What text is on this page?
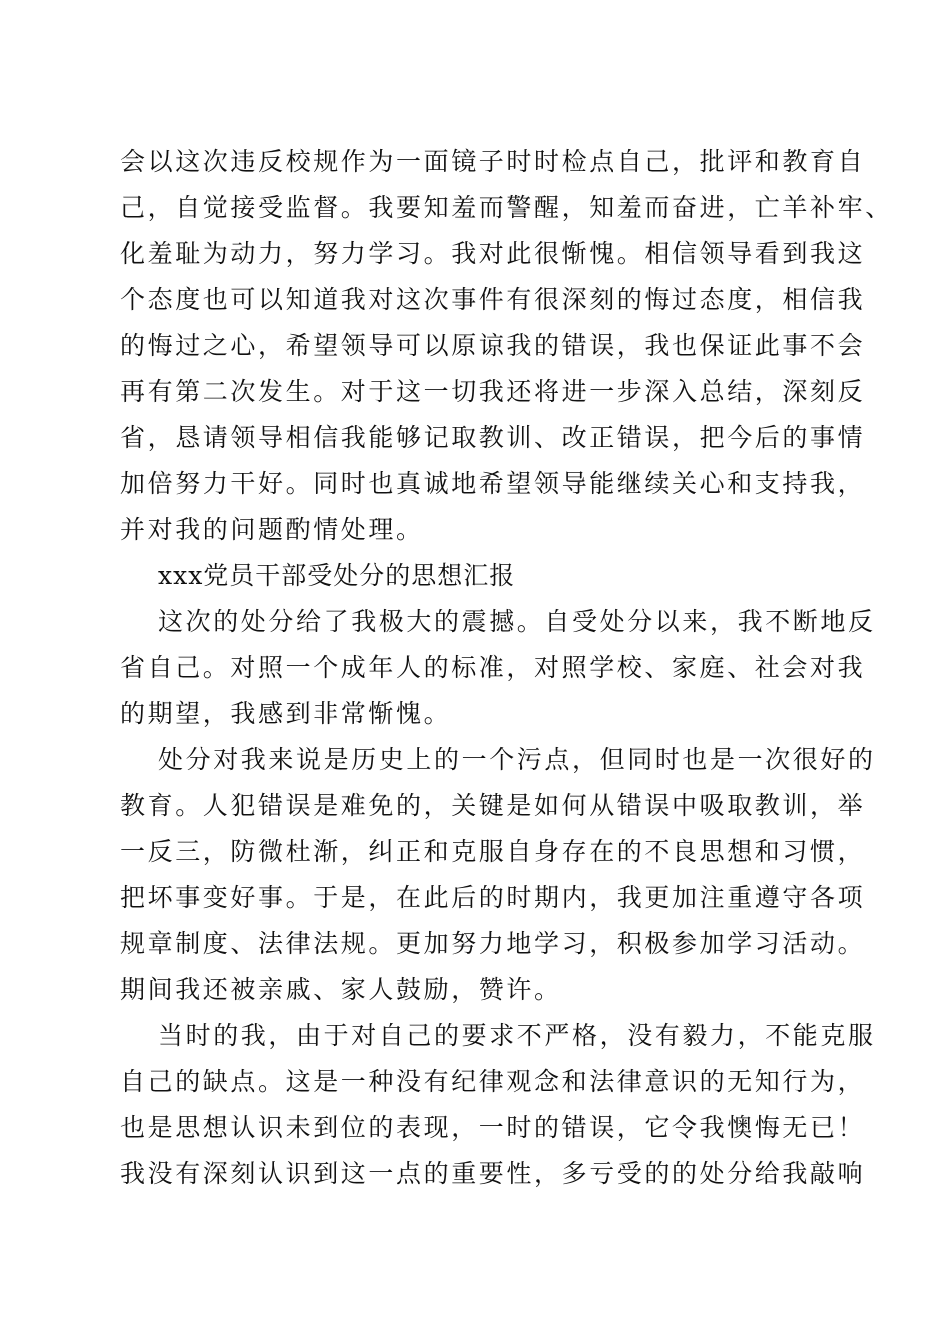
会以这次违反校规作为一面镜子时时检点自己，批评和教育自
己，自觉接受监督。我要知羞而警醒，知羞而奋进，亡羊补牢、
化羞耻为动力，努力学习。我对此很惭愧。相信领导看到我这
个态度也可以知道我对这次事件有很深刻的悔过态度，相信我
的悔过之心，希望领导可以原谅我的错误，我也保证此事不会
再有第二次发生。对于这一切我还将进一步深入总结，深刻反
省，恳请领导相信我能够记取教训、改正错误，把今后的事情
加倍努力干好。同时也真诚地希望领导能继续关心和支持我，
并对我的问题酌情处理。
xxx党员干部受处分的思想汇报
这次的处分给了我极大的震撼。自受处分以来，我不断地反
省自己。对照一个成年人的标准，对照学校、家庭、社会对我
的期望，我感到非常惭愧。
处分对我来说是历史上的一个污点，但同时也是一次很好的
教育。人犯错误是难免的，关键是如何从错误中吸取教训，举
一反三，防微杜渐，纠正和克服自身存在的不良思想和习惯，
把坏事变好事。于是，在此后的时期内，我更加注重遵守各项
规章制度、法律法规。更加努力地学习，积极参加学习活动。
期间我还被亲戚、家人鼓励，赞许。
当时的我，由于对自己的要求不严格，没有毅力，不能克服
自己的缺点。这是一种没有纪律观念和法律意识的无知行为，
也是思想认识未到位的表现，一时的错误，它令我懊悔无已！
我没有深刻认识到这一点的重要性，多亏受的的处分给我敲响
